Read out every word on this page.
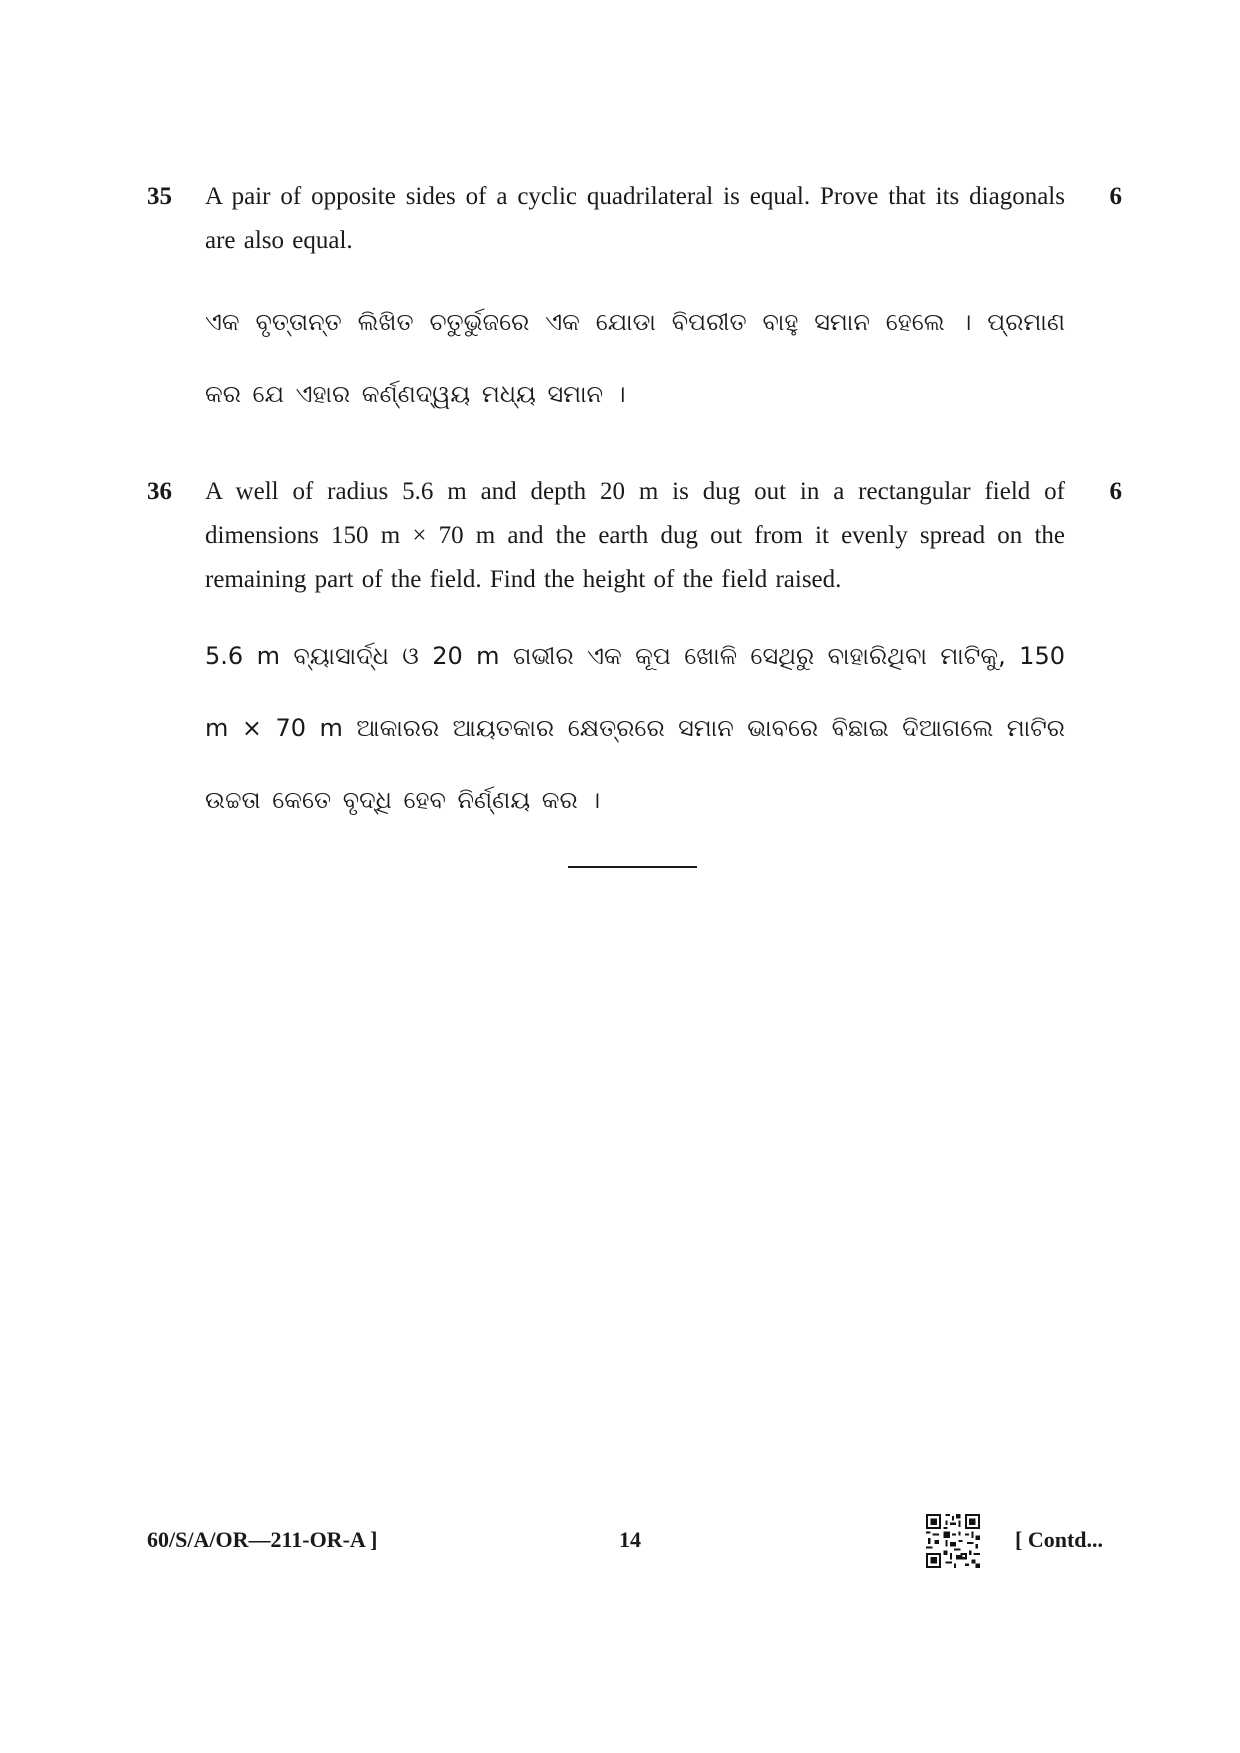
35 A pair of opposite sides of a cyclic quadrilateral is equal. Prove that its diagonals are also equal.
ଏକ ବୃତ୍ତାନ୍ତ ଲିଖିତ ଚତୁର୍ଭୁଜରେ ଏକ ଯୋଡା ବିପରୀତ ବାହୁ ସମାନ ହେଲେ । ପ୍ରମାଣ କର ଯେ ଏହାର କର୍ଣ୍ଣଦ୍ୱୟ ମଧ୍ୟ ସମାନ ।
6
36 A well of radius 5.6 m and depth 20 m is dug out in a rectangular field of dimensions 150 m × 70 m and the earth dug out from it evenly spread on the remaining part of the field. Find the height of the field raised.
5.6 m ବ୍ୟାସାର୍ଦ୍ଧ ଓ 20 m ଗଭୀର ଏକ କୂପ ଖୋଳି ସେଥିରୁ ବାହାରିଥିବା ମାଟିକୁ, 150 m × 70 m ଆକାରର ଆୟତକାର କ୍ଷେତ୍ରରେ ସମାନ ଭାବରେ ବିଛାଇ ଦିଆଗଲେ ମାଟିର ଉଚ୍ଚତା କେତେ ବୃଦ୍ଧି ହେବ ନିର୍ଣ୍ଣୟ କର ।
6
60/S/A/OR—211-OR-A ]	14	[ Contd...
